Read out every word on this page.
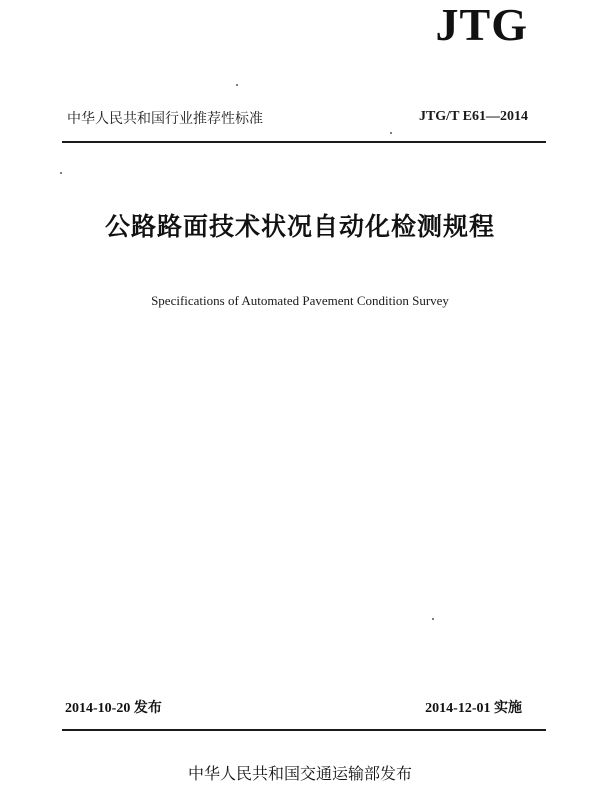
JTG
中华人民共和国行业推荐性标准	JTG/T E61—2014
公路路面技术状况自动化检测规程
Specifications of Automated Pavement Condition Survey
2014-10-20 发布	2014-12-01 实施
中华人民共和国交通运输部发布
